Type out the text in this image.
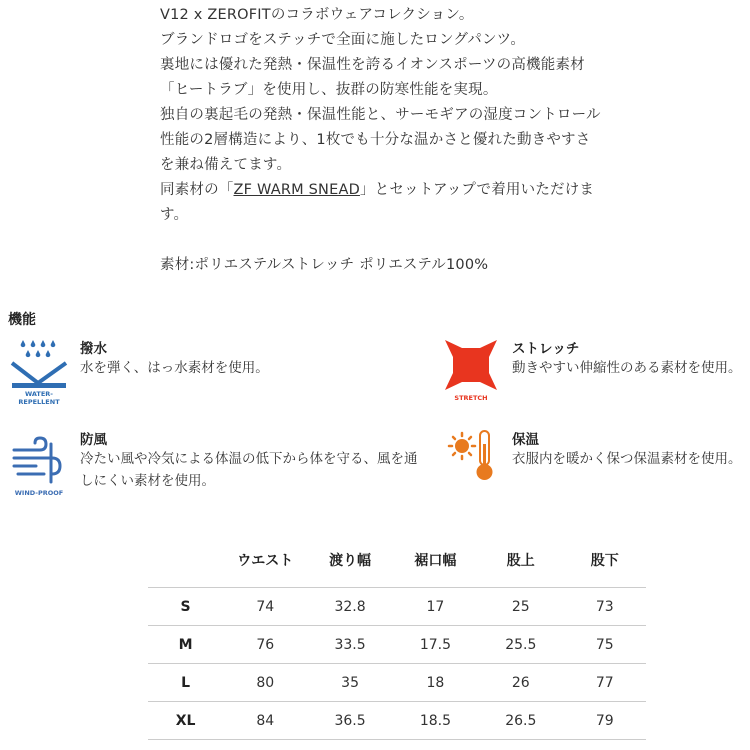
V12 x ZEROFITのコラボウェアコレクション。

ブランドロゴをステッチで全面に施したロングパンツ。

裏地には優れた発熱・保温性を誇るイオンスポーツの高機能素材

「ヒートラブ」を使用し、抜群の防寒性能を実現。

独自の裏起毛の発熱・保温性能と、サーモギアの湿度コントロール

性能の2層構造により、1枚でも十分な温かさと優れた動きやすさ

を兼ね備えてます。

同素材の「ZF WARM SNEAD」とセットアップで着用いただけま

す。

素材:ポリエステルストレッチ ポリエステル100%

機能
WATER-
REPELLENT
撥水
水を弾く、はっ水素材を使用。
STRETCH
ストレッチ
動きやすい伸縮性のある素材を使用。
WIND-PROOF
防風
冷たい風や冷気による体温の低下から体を守る、風を通しにくい素材を使用。
保温
衣服内を暖かく保つ保温素材を使用。
	ウエスト	渡り幅	裾口幅	股上	股下
S	74	32.8	17	25	73
M	76	33.5	17.5	25.5	75
L	80	35	18	26	77
XL	84	36.5	18.5	26.5	79
